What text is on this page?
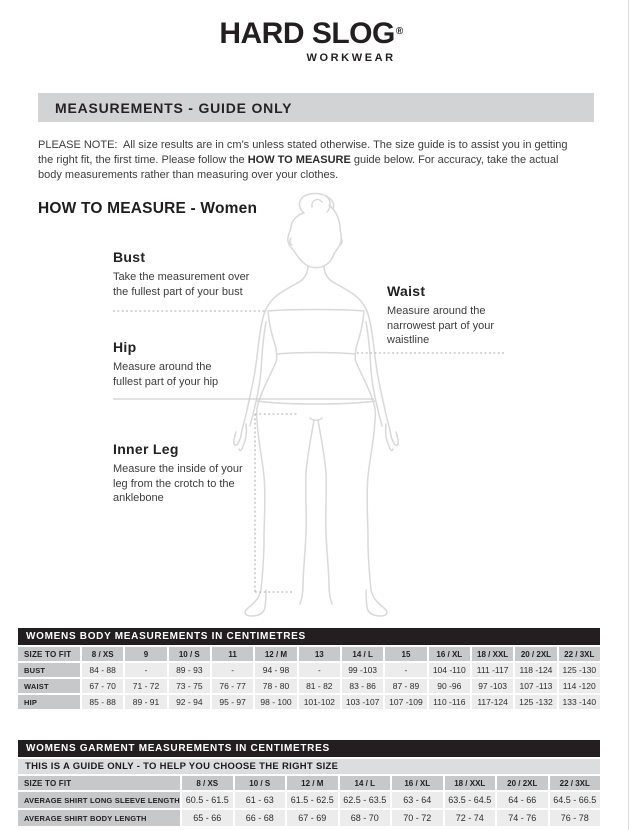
HARD SLOG®
WORKWEAR
MEASUREMENTS - GUIDE ONLY
PLEASE NOTE:  All size results are in cm's unless stated otherwise. The size guide is to assist you in getting
the right fit, the first time. Please follow the HOW TO MEASURE guide below. For accuracy, take the actual
body measurements rather than measuring over your clothes.
HOW TO MEASURE - Women
Bust
Take the measurement over
the fullest part of your bust	Waist
Measure around the
narrowest part of your
waistline
Hip
Measure around the
fullest part of your hip
Inner Leg
Measure the inside of your
leg from the crotch to the
anklebone
WOMENS BODY MEASUREMENTS IN CENTIMETRES
SIZE TO FIT	8 / XS	9	10 / S	11	12 / M	13	14 / L	15	16 / XL	18 / XXL	20 / 2XL	22 / 3XL
BUST	84 - 88	-	89 - 93	-	94 - 98	-	99 -103	-	104 -110	111 -117	118 -124	125 -130
WAIST	67 - 70	71 - 72	73 - 75	76 - 77	78 - 80	81 - 82	83 - 86	87 - 89	90 -96	97 -103	107 -113	114 -120
HIP	85 - 88	89 - 91	92 - 94	95 - 97	98 - 100	101-102	103 -107	107 -109	110 -116	117-124	125 -132	133 -140
WOMENS GARMENT MEASUREMENTS IN CENTIMETRES
THIS IS A GUIDE ONLY - TO HELP YOU CHOOSE THE RIGHT SIZE
SIZE TO FIT	8 / XS	10 / S	12 / M	14 / L	16 / XL	18 / XXL	20 / 2XL	22 / 3XL
AVERAGE SHIRT LONG SLEEVE LENGTH 60.5 - 61.5	61 - 63	61.5 - 62.5	62.5 - 63.5	63 - 64	63.5 - 64.5	64 - 66	64.5 - 66.5
AVERAGE SHIRT BODY LENGTH	65 - 66	66 - 68	67 - 69	68 - 70	70 - 72	72 - 74	74 - 76	76 - 78
